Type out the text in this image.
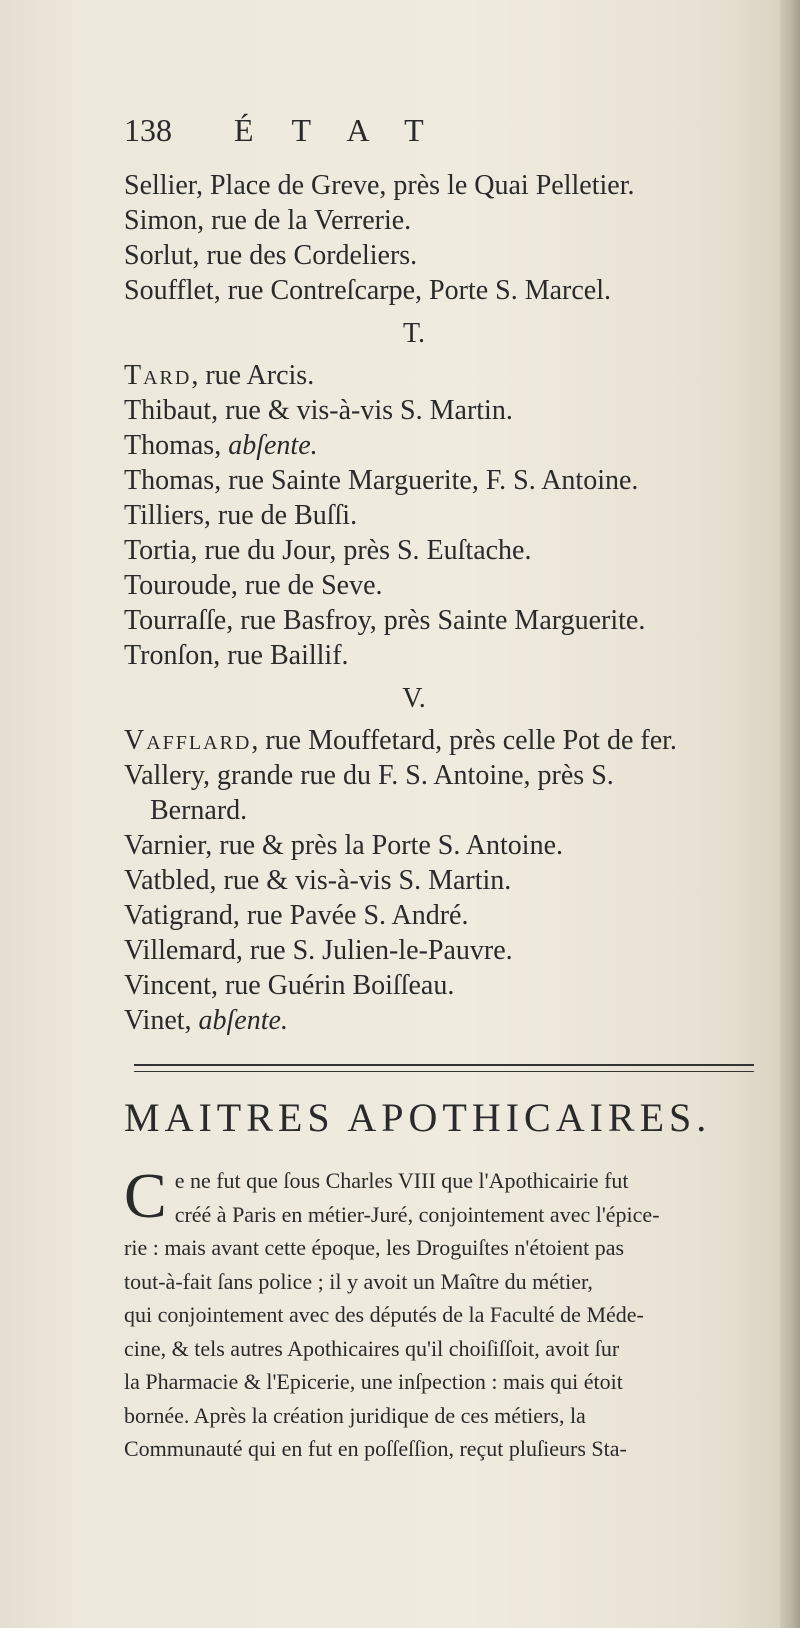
138	ÉTAT
Sellier, Place de Greve, près le Quai Pelletier.
Simon, rue de la Verrerie.
Sorlut, rue des Cordeliers.
Soufflet, rue Contreſcarpe, Porte S. Marcel.
T.
Tard, rue Arcis.
Thibaut, rue & vis-à-vis S. Martin.
Thomas, abſente.
Thomas, rue Sainte Marguerite, F. S. Antoine.
Tilliers, rue de Buſſi.
Tortia, rue du Jour, près S. Euſtache.
Touroude, rue de Seve.
Tourraſſe, rue Basfroy, près Sainte Marguerite.
Tronſon, rue Baillif.
V.
Vafflard, rue Mouffetard, près celle Pot de fer.
Vallery, grande rue du F. S. Antoine, près S.
Bernard.
Varnier, rue & près la Porte S. Antoine.
Vatbled, rue & vis-à-vis S. Martin.
Vatigrand, rue Pavée S. André.
Villemard, rue S. Julien-le-Pauvre.
Vincent, rue Guérin Boiſſeau.
Vinet, abſente.
MAITRES APOTHICAIRES.
C e ne fut que ſous Charles VIII que l'Apothicairie fut
créé à Paris en métier-Juré, conjointement avec l'épice-
rie : mais avant cette époque, les Droguiſtes n'étoient pas
tout-à-fait ſans police ; il y avoit un Maître du métier,
qui conjointement avec des députés de la Faculté de Méde-
cine, & tels autres Apothicaires qu'il choiſiſſoit, avoit ſur
la Pharmacie & l'Epicerie, une inſpection : mais qui étoit
bornée. Après la création juridique de ces métiers, la
Communauté qui en fut en poſſeſſion, reçut pluſieurs Sta-
